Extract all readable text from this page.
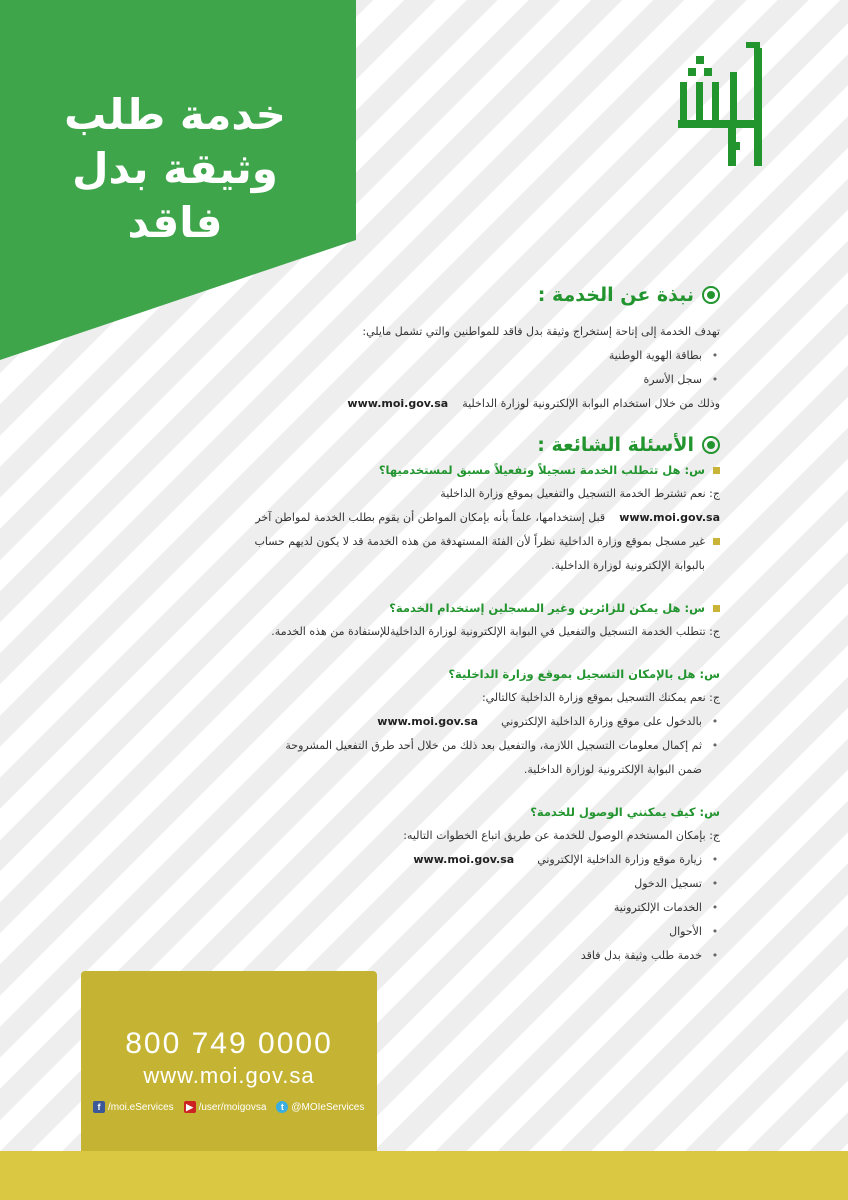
خدمة طلب
وثيقة بدل
فاقد
نبذة عن الخدمة :

تهدف الخدمة إلى إتاحة إستخراج وثيقة بدل فاقد للمواطنين والتي تشمل مايلي:

•
بطاقة الهوية الوطنية
•
سجل الأسرة

وذلك من خلال استخدام البوابة الإلكترونية لوزارة الداخلية    www.moi.gov.sa

الأسئلة الشائعة :
س: هل تتطلب الخدمة تسجيلاً وتفعيلاً مسبق لمستخدميها؟

ج: نعم تشترط الخدمة التسجيل والتفعيل بموقع وزارة الداخلية

www.moi.gov.sa    قبل إستخدامها، علماً بأنه بإمكان المواطن أن يقوم بطلب الخدمة لمواطن آخر

غير مسجل بموقع وزارة الداخلية نظراً لأن الفئة المستهدفة من هذه الخدمة قد لا يكون لديهم حساب
بالبوابة الإلكترونية لوزارة الداخلية.
س: هل يمكن للزائرين وغير المسجلين إستخدام الخدمة؟

ج: تتطلب الخدمة التسجيل والتفعيل في البوابة الإلكترونية لوزارة الداخليةللإستفادة من هذه الخدمة.

س: هل بالإمكان التسجيل بموقع وزارة الداخلية؟

ج: نعم يمكنك التسجيل بموقع وزارة الداخلية كالتالي:

•
بالدخول على موقع وزارة الداخلية الإلكتروني

www.moi.gov.sa
•
ثم إكمال معلومات التسجيل اللازمة، والتفعيل بعد ذلك من خلال أحد طرق التفعيل المشروحة
ضمن البوابة الإلكترونية لوزارة الداخلية.
س: كيف يمكنني الوصول للخدمة؟

ج: بإمكان المستخدم الوصول للخدمة عن طريق اتباع الخطوات التاليه:

•
زيارة موقع وزارة الداخلية الإلكتروني

www.moi.gov.sa
•
تسجيل الدخول
•
الخدمات الإلكترونية
•
الأحوال
•
خدمة طلب وثيقة بدل فاقد
800 749 0000
www.moi.gov.sa
f /moi.eServices ▶ /user/moigovsa	t @MOIeServices
